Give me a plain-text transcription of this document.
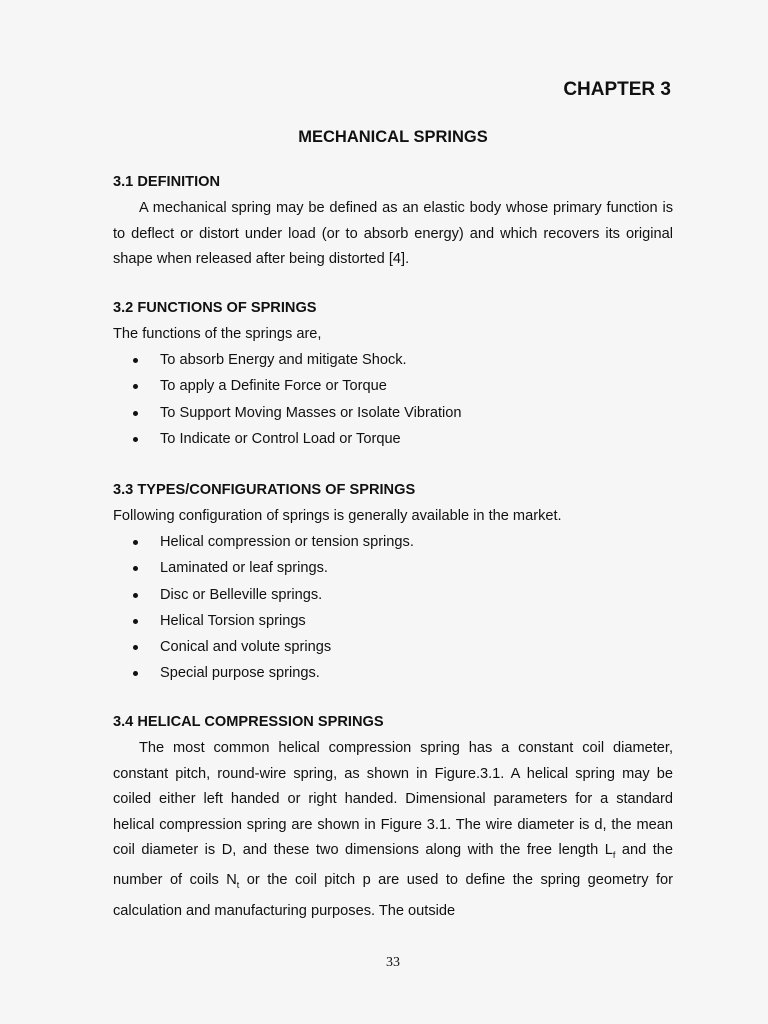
CHAPTER 3
MECHANICAL SPRINGS
3.1 DEFINITION

A mechanical spring may be defined as an elastic body whose primary function is to deflect or distort under load (or to absorb energy) and which recovers its original shape when released after being distorted [4].

3.2 FUNCTIONS OF SPRINGS

The functions of the springs are,

To absorb Energy and mitigate Shock.
To apply a Definite Force or Torque
To Support Moving Masses or Isolate Vibration
To Indicate or Control Load or Torque
3.3 TYPES/CONFIGURATIONS OF SPRINGS

Following configuration of springs is generally available in the market.

Helical compression or tension springs.
Laminated or leaf springs.
Disc or Belleville springs.
Helical Torsion springs
Conical and volute springs
Special purpose springs.
3.4 HELICAL COMPRESSION SPRINGS

The most common helical compression spring has a constant coil diameter, constant pitch, round-wire spring, as shown in Figure.3.1. A helical spring may be coiled either left handed or right handed. Dimensional parameters for a standard helical compression spring are shown in Figure 3.1. The wire diameter is d, the mean coil diameter is D, and these two dimensions along with the free length $L_f$ and the number of coils $N_t$ or the coil pitch p are used to define the spring geometry for calculation and manufacturing purposes. The outside

33
